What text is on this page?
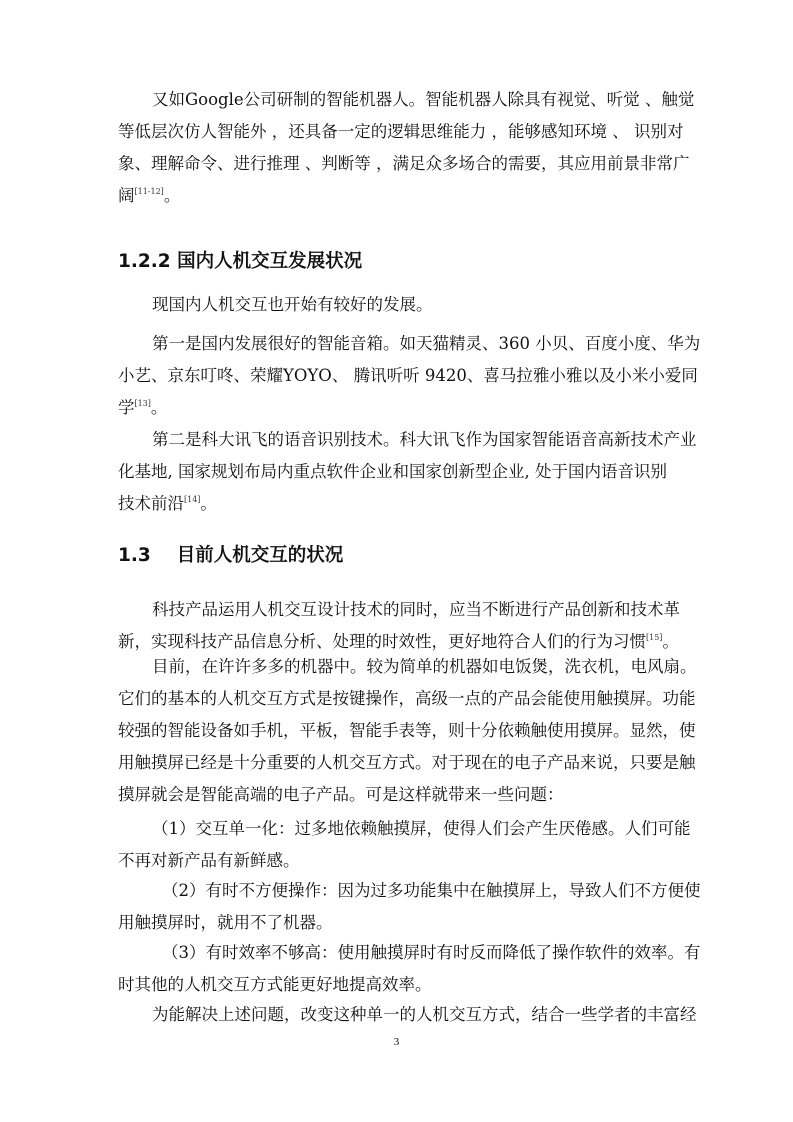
又如Google公司研制的智能机器人。智能机器人除具有视觉、听觉 、触觉
等低层次仿人智能外 ，还具备一定的逻辑思维能力 ，能够感知环境 、 识别对
象、理解命令、进行推理 、判断等 ，满足众多场合的需要，其应用前景非常广
阔[11-12]。
1.2.2 国内人机交互发展状况
现国内人机交互也开始有较好的发展。
第一是国内发展很好的智能音箱。如天猫精灵、360 小贝、百度小度、华为
小艺、京东叮咚、荣耀YOYO、 腾讯听听 9420、喜马拉雅小雅以及小米小爱同
学[13]。
第二是科大讯飞的语音识别技术。科大讯飞作为国家智能语音高新技术产业
化基地, 国家规划布局内重点软件企业和国家创新型企业, 处于国内语音识别
技术前沿[14]。
1.3 目前人机交互的状况
科技产品运用人机交互设计技术的同时，应当不断进行产品创新和技术革
新，实现科技产品信息分析、处理的时效性，更好地符合人们的行为习惯[15]。
目前，在许许多多的机器中。较为简单的机器如电饭煲，洗衣机，电风扇。
它们的基本的人机交互方式是按键操作，高级一点的产品会能使用触摸屏。功能
较强的智能设备如手机，平板，智能手表等，则十分依赖触使用摸屏。显然，使
用触摸屏已经是十分重要的人机交互方式。对于现在的电子产品来说，只要是触
摸屏就会是智能高端的电子产品。可是这样就带来一些问题：
（1）交互单一化：过多地依赖触摸屏，使得人们会产生厌倦感。人们可能
不再对新产品有新鲜感。
（2）有时不方便操作：因为过多功能集中在触摸屏上，导致人们不方便使
用触摸屏时，就用不了机器。
（3）有时效率不够高：使用触摸屏时有时反而降低了操作软件的效率。有
时其他的人机交互方式能更好地提高效率。
为能解决上述问题，改变这种单一的人机交互方式，结合一些学者的丰富经
3
